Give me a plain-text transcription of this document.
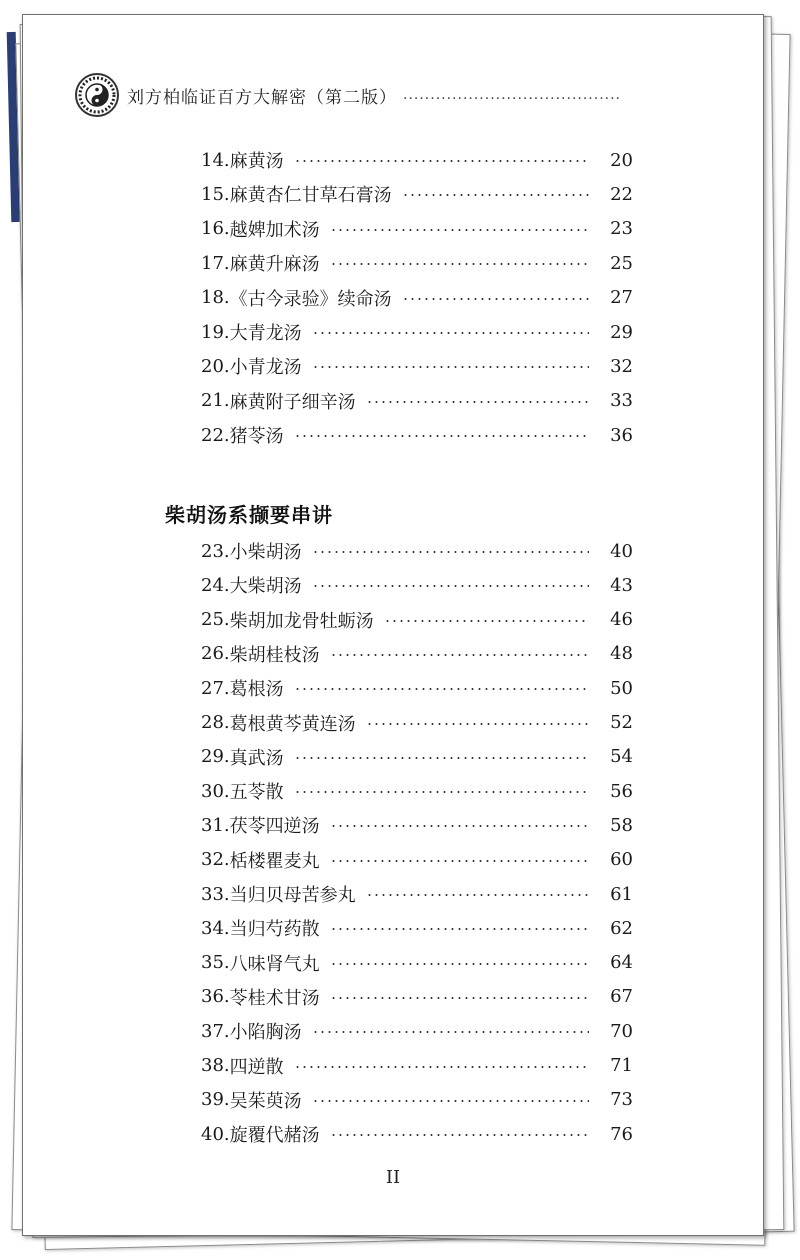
刘方柏临证百方大解密（第二版） ........................................
14. 麻黄汤	20
15. 麻黄杏仁甘草石膏汤	22
16. 越婢加术汤	23
17. 麻黄升麻汤	25
18. 《古今录验》续命汤	27
19. 大青龙汤	29
20. 小青龙汤	32
21. 麻黄附子细辛汤	33
22. 猪苓汤	36
23. 小柴胡汤	40
24. 大柴胡汤	43
25. 柴胡加龙骨牡蛎汤	46
26. 柴胡桂枝汤	48
27. 葛根汤	50
28. 葛根黄芩黄连汤	52
29. 真武汤	54
30. 五苓散	56
31. 茯苓四逆汤	58
32. 栝楼瞿麦丸	60
33. 当归贝母苦参丸	61
34. 当归芍药散	62
35. 八味肾气丸	64
36. 苓桂术甘汤	67
37. 小陷胸汤	70
38. 四逆散	71
39. 吴茱萸汤	73
40. 旋覆代赭汤	76
柴胡汤系撷要串讲
II
